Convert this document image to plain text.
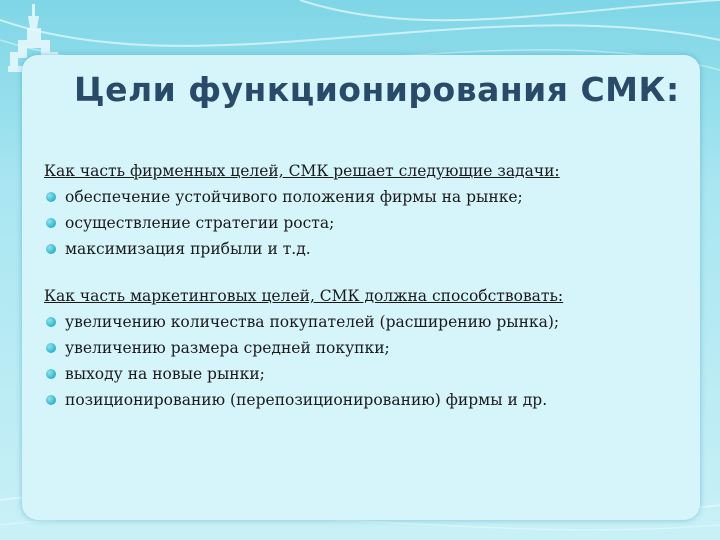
Цели функционирования СМК:

Как часть фирменных целей, СМК решает следующие задачи:

обеспечение устойчивого положения фирмы на рынке;
осуществление стратегии роста;
максимизация прибыли и т.д.

Как часть маркетинговых целей, СМК должна способствовать:

увеличению количества покупателей (расширению рынка);
увеличению размера средней покупки;
выходу на новые рынки;
позиционированию (перепозиционированию) фирмы и др.
